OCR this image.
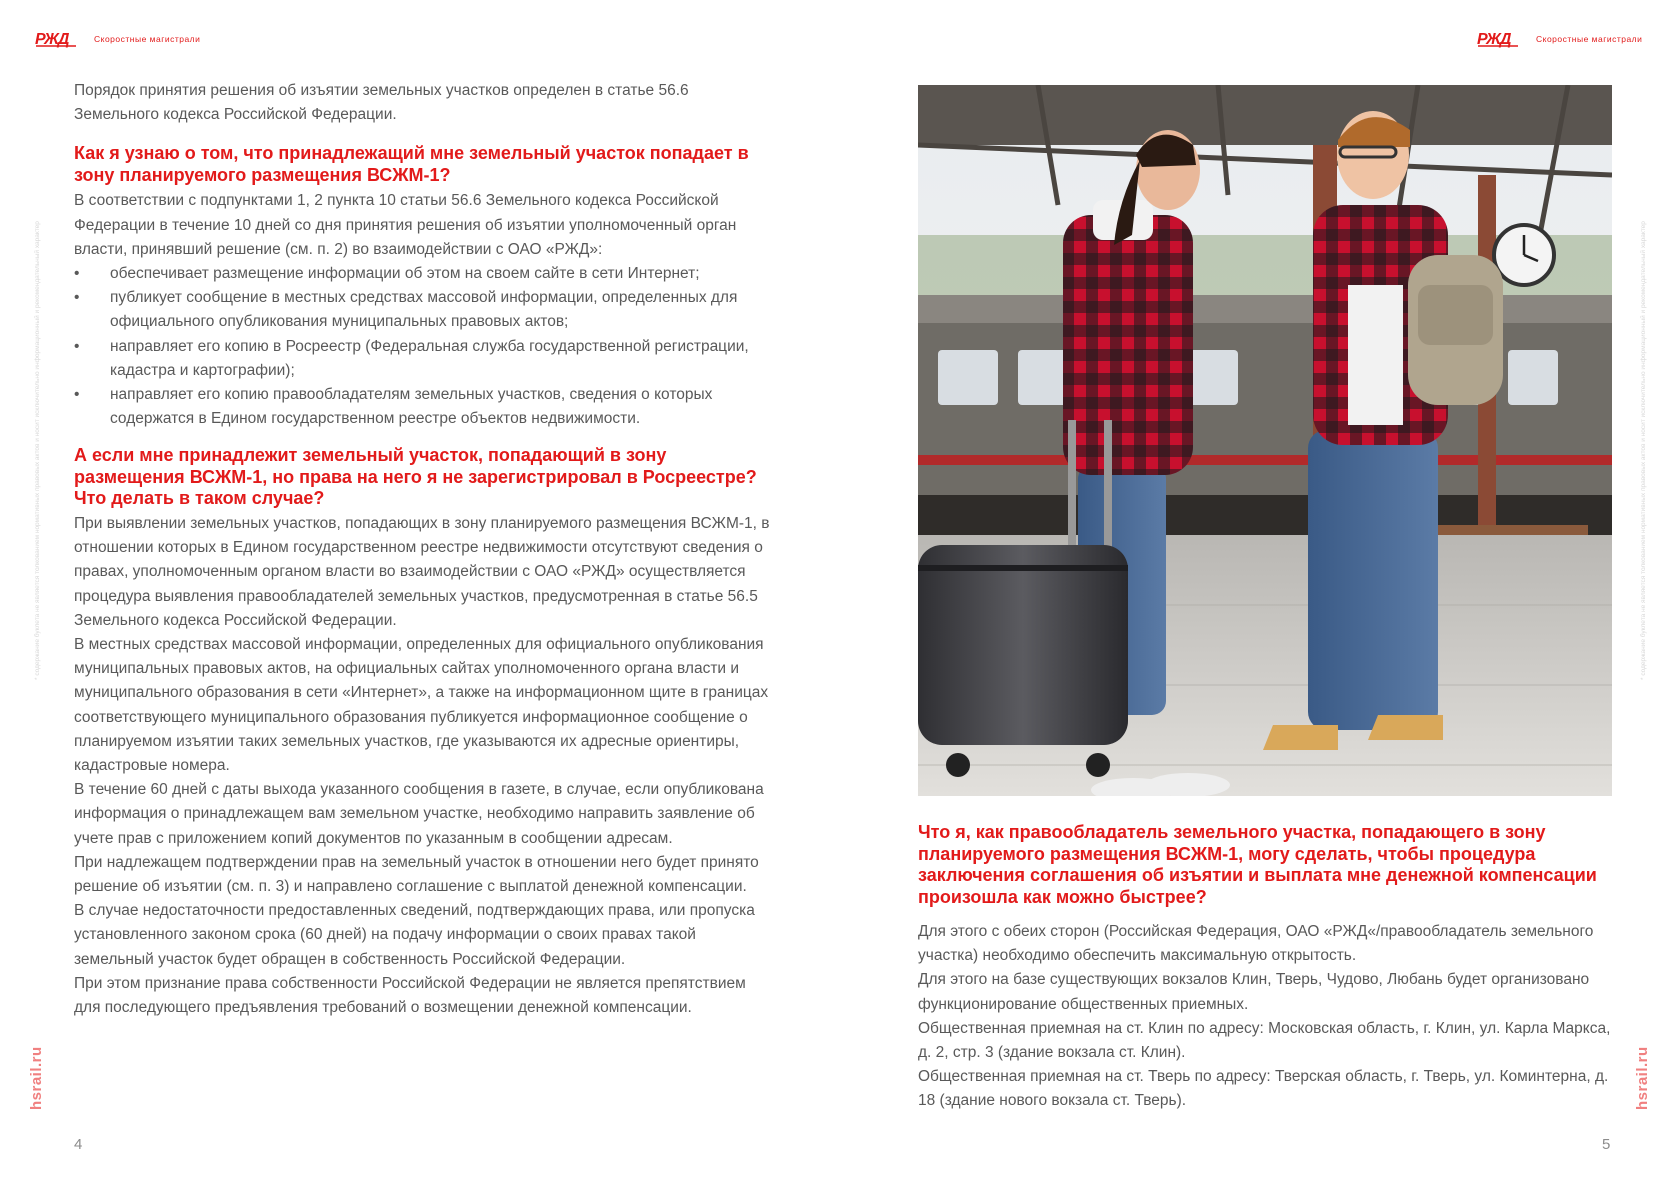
РЖД	Скоростные магистрали	РЖД	Скоростные магистрали
* содержание буклета не является толкованием нормативных правовых актов и носит исключительно информационный и рекомендательный характер	* содержание буклета не является толкованием нормативных правовых актов и носит исключительно информационный и рекомендательный характер
hsrail.ru	hsrail.ru

Порядок принятия решения об изъятии земельных участков определен в статье 56.6 Земельного кодекса Российской Федерации.

Как я узнаю о том, что принадлежащий мне земельный участок попадает в зону планируемого размещения ВСЖМ-1?

В соответствии с подпунктами 1, 2 пункта 10 статьи 56.6 Земельного кодекса Российской Федерации в течение 10 дней со дня принятия решения об изъятии уполномоченный орган власти, принявший решение (см. п. 2) во взаимодействии с ОАО «РЖД»:

• обеспечивает размещение информации об этом на своем сайте в сети Интернет;
• публикует сообщение в местных средствах массовой информации, определенных для официального опубликования муниципальных правовых актов;
• направляет его копию в Росреестр (Федеральная служба государственной регистрации, кадастра и картографии);
• направляет его копию правообладателям земельных участков, сведения о которых содержатся в Едином государственном реестре объектов недвижимости.
А если мне принадлежит земельный участок, попадающий в зону размещения ВСЖМ-1, но права на него я не зарегистрировал в Росреестре? Что делать в таком случае?

При выявлении земельных участков, попадающих в зону планируемого размещения ВСЖМ-1, в отношении которых в Едином государственном реестре недвижимости отсутствуют сведения о правах, уполномоченным органом власти во взаимодействии с ОАО «РЖД» осуществляется процедура выявления правообладателей земельных участков, предусмотренная в статье 56.5 Земельного кодекса Российской Федерации.

В местных средствах массовой информации, определенных для официального опубликования муниципальных правовых актов, на официальных сайтах уполномоченного органа власти и муниципального образования в сети «Интернет», а также на информационном щите в границах соответствующего муниципального образования публикуется информационное сообщение о планируемом изъятии таких земельных участков, где указываются их адресные ориентиры, кадастровые номера.

В течение 60 дней с даты выхода указанного сообщения в газете, в случае, если опубликована информация о принадлежащем вам земельном участке, необходимо направить заявление об учете прав с приложением копий документов по указанным в сообщении адресам.

При надлежащем подтверждении прав на земельный участок в отношении него будет принято решение об изъятии (см. п. 3) и направлено соглашение с выплатой денежной компенсации.

В случае недостаточности предоставленных сведений, подтверждающих права, или пропуска установленного законом срока (60 дней) на подачу информации о своих правах такой земельный участок будет обращен в собственность Российской Федерации.

При этом признание права собственности Российской Федерации не является препятствием для последующего предъявления требований о возмещении денежной компенсации.

4
Что я, как правообладатель земельного участка, попадающего в зону планируемого размещения ВСЖМ-1, могу сделать, чтобы процедура заключения соглашения об изъятии и выплата мне денежной компенсации произошла как можно быстрее?

Для этого с обеих сторон (Российская Федерация, ОАО «РЖД«/правообладатель земельного участка) необходимо обеспечить максимальную открытость.

Для этого на базе существующих вокзалов Клин, Тверь, Чудово, Любань будет организовано функционирование общественных приемных.

Общественная приемная на ст. Клин по адресу: Московская область, г. Клин, ул. Карла Маркса, д. 2, стр. 3 (здание вокзала ст. Клин).

Общественная приемная на ст. Тверь по адресу: Тверская область, г. Тверь, ул. Коминтерна, д. 18 (здание нового вокзала ст. Тверь).

5
